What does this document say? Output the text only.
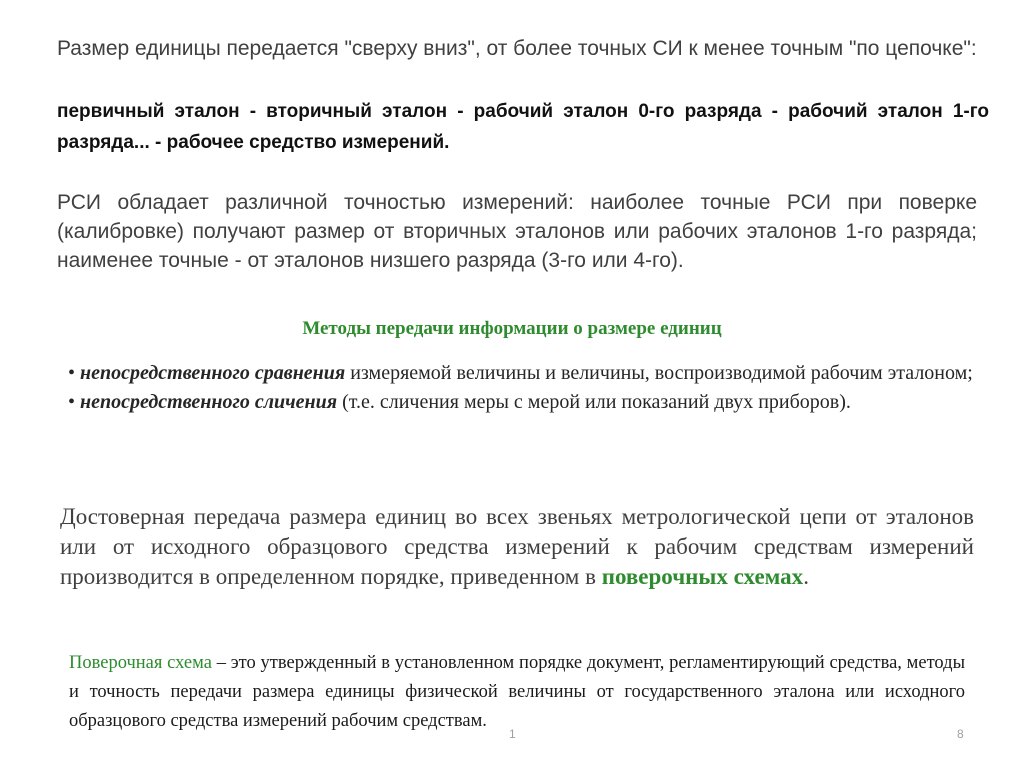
Размер единицы передается "сверху вниз", от более точных СИ к менее точным "по цепочке":
первичный эталон - вторичный эталон - рабочий эталон 0-го разряда - рабочий эталон 1-го разряда... - рабочее средство измерений.
РСИ обладает различной точностью измерений: наиболее точные РСИ при поверке (калибровке) получают размер от вторичных эталонов или рабочих эталонов 1-го разряда; наименее точные - от эталонов низшего разряда (3-го или 4-го).
Методы передачи информации о размере единиц
• непосредственного сравнения измеряемой величины и величины, воспроизводимой рабочим эталоном;
• непосредственного сличения (т.е. сличения меры с мерой или показаний двух приборов).
Достоверная передача размера единиц во всех звеньях метрологической цепи от эталонов или от исходного образцового средства измерений к рабочим средствам измерений производится в определенном порядке, приведенном в поверочных схемах.
Поверочная схема – это утвержденный в установленном порядке документ, регламентирующий средства, методы и точность передачи размера единицы физической величины от государственного эталона или исходного образцового средства измерений рабочим средствам.
1	8
